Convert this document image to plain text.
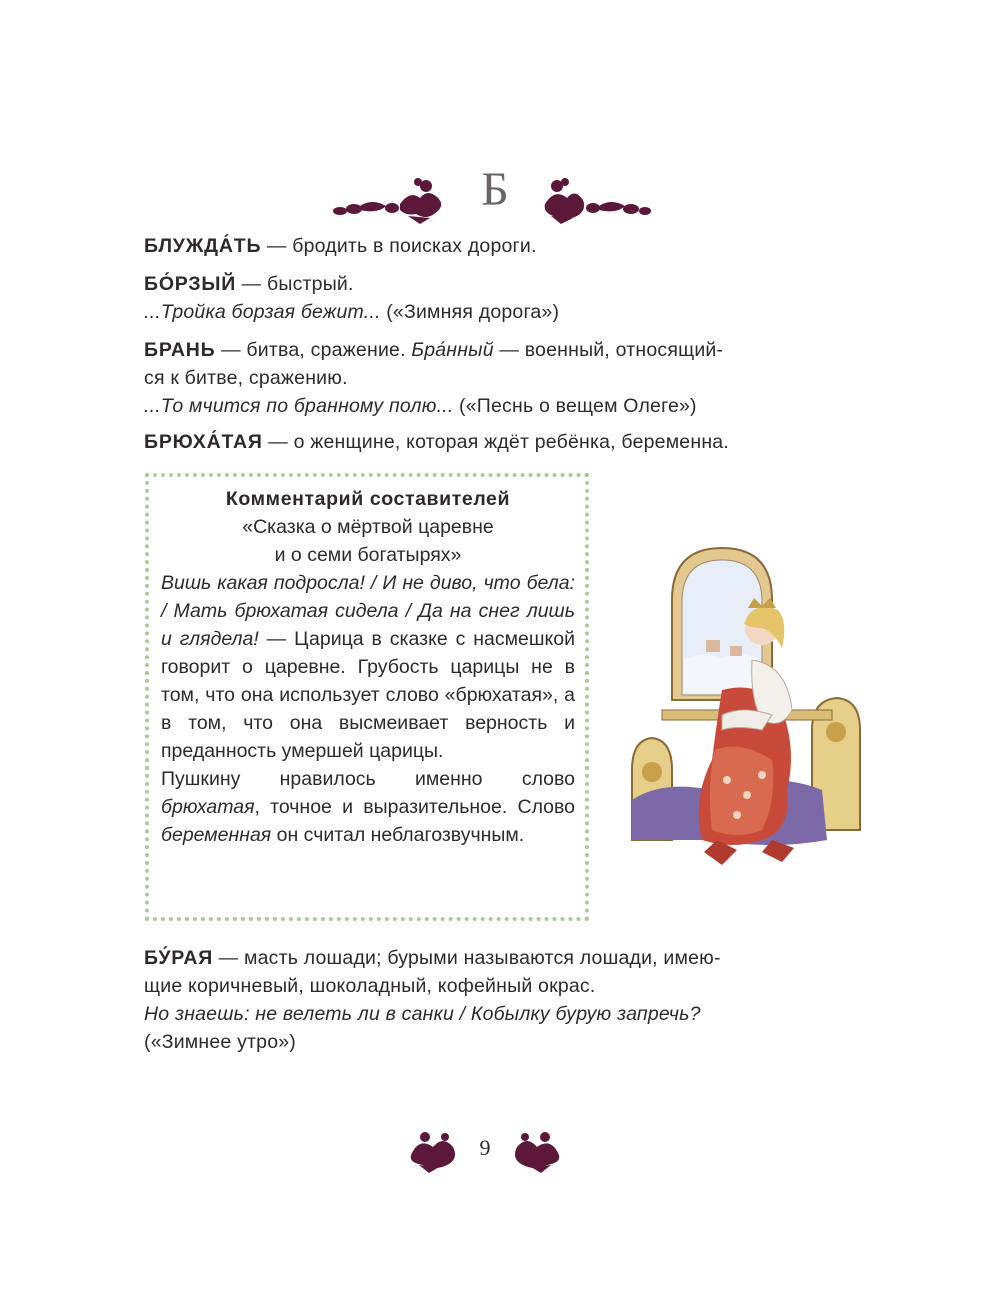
Б
БЛУЖДА́ТЬ — бродить в поисках дороги.
БО́РЗЫЙ — быстрый.
...Тройка борзая бежит... («Зимняя дорога»)
БРАНЬ — битва, сражение. Бра́нный — военный, относящий-
ся к битве, сражению.
...То мчится по бранному полю... («Песнь о вещем Олеге»)
БРЮХА́ТАЯ — о женщине, которая ждёт ребёнка, беременна.
Комментарий составителей
«Сказка о мёртвой царевне
и о семи богатырях»
Вишь какая подросла! / И не диво, что бела: / Мать брюхатая сидела / Да на снег лишь и глядела! — Царица в сказке с насмешкой говорит о царевне. Грубость царицы не в том, что она использует слово «брюхатая», а в том, что она высмеивает верность и преданность умершей царицы.
Пушкину нравилось именно слово брюхатая, точное и выразительное. Слово беременная он считал неблагозвучным.
БУ́РАЯ — масть лошади; бурыми называются лошади, имею-
щие коричневый, шоколадный, кофейный окрас.
Но знаешь: не велеть ли в санки / Кобылку бурую запречь?
(«Зимнее утро»)
9
